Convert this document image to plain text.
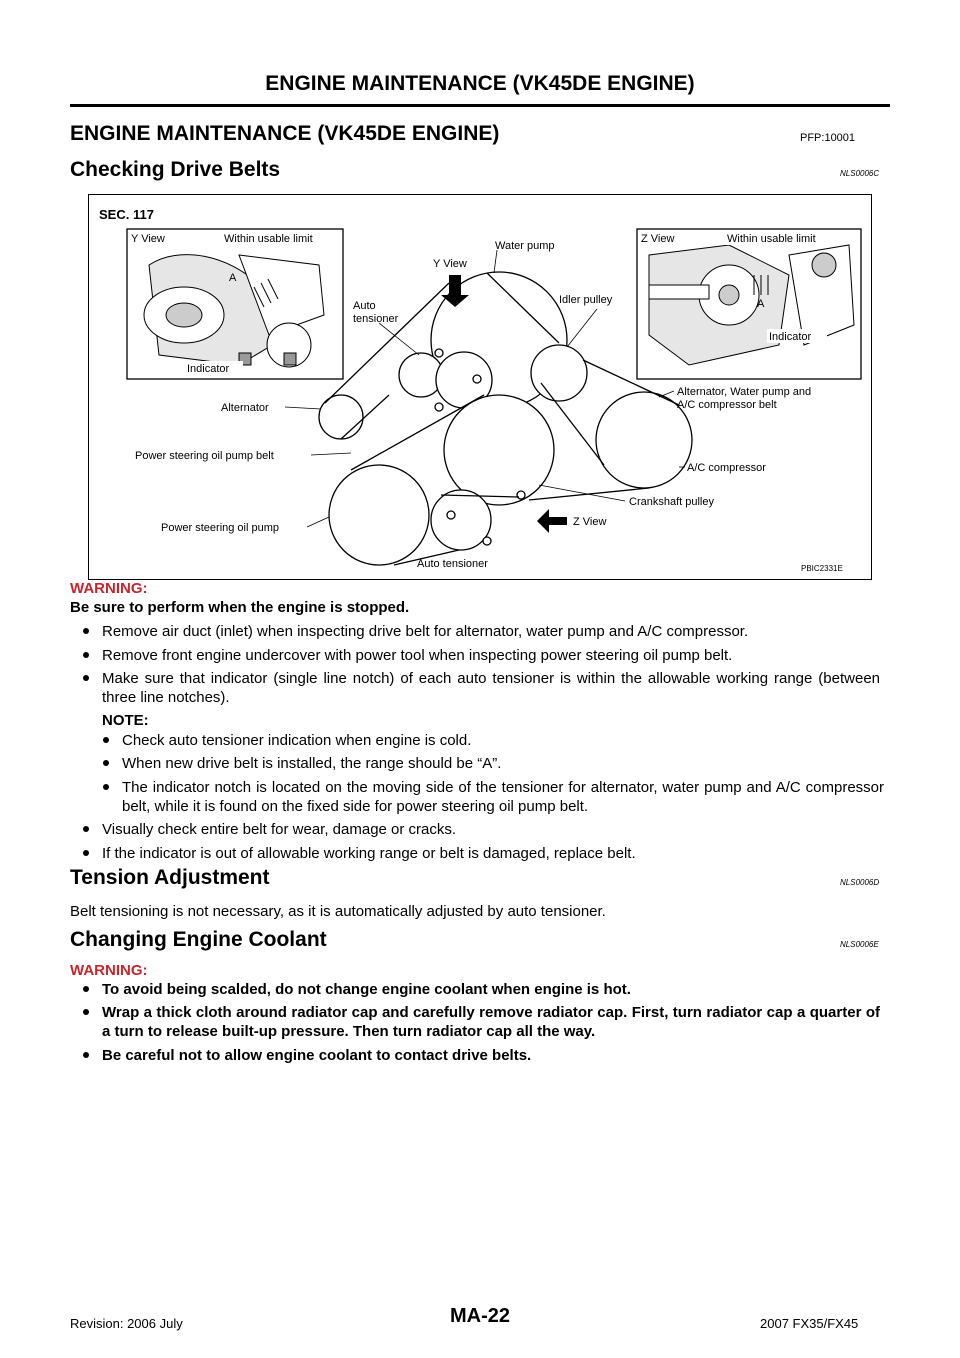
ENGINE MAINTENANCE (VK45DE ENGINE)
ENGINE MAINTENANCE (VK45DE ENGINE)	PFP:10001
Checking Drive Belts	NLS0006C
SEC. 117
Y View	Within usable limit
A
Indicator
Z View	Within usable limit
A
Indicator
Water pump
Y View
Auto
tensioner
Idler pulley
Alternator
Alternator, Water pump and
A/C compressor belt
Power steering oil pump belt
A/C compressor
Crankshaft pulley
Z View
Power steering oil pump
Auto tensioner	PBIC2331E
WARNING:
Be sure to perform when the engine is stopped.
Remove air duct (inlet) when inspecting drive belt for alternator, water pump and A/C compressor.
Remove front engine undercover with power tool when inspecting power steering oil pump belt.
Make sure that indicator (single line notch) of each auto tensioner is within the allowable working range (between three line notches).
NOTE:
Check auto tensioner indication when engine is cold.
When new drive belt is installed, the range should be “A”.
The indicator notch is located on the moving side of the tensioner for alternator, water pump and A/C compressor belt, while it is found on the fixed side for power steering oil pump belt.
Visually check entire belt for wear, damage or cracks.
If the indicator is out of allowable working range or belt is damaged, replace belt.
Tension Adjustment	NLS0006D
Belt tensioning is not necessary, as it is automatically adjusted by auto tensioner.
Changing Engine Coolant	NLS0006E
WARNING:
To avoid being scalded, do not change engine coolant when engine is hot.
Wrap a thick cloth around radiator cap and carefully remove radiator cap. First, turn radiator cap a quarter of a turn to release built-up pressure. Then turn radiator cap all the way.
Be careful not to allow engine coolant to contact drive belts.
MA-22
Revision: 2006 July	2007 FX35/FX45
